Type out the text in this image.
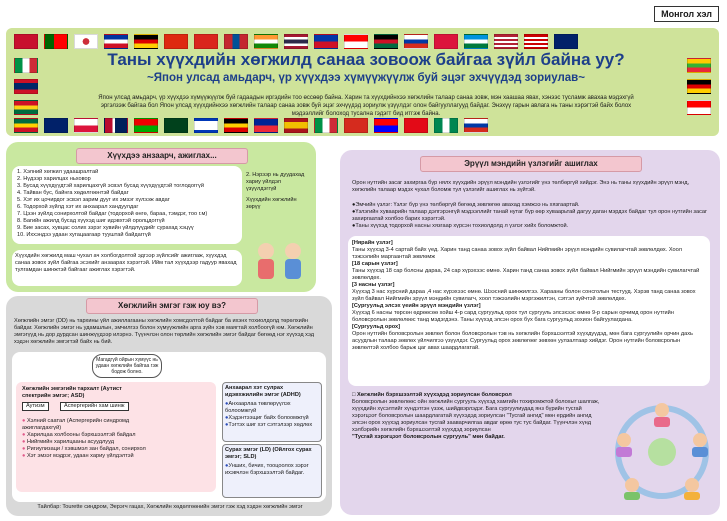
Монгол хэл
Таны хүүхдийн хөгжилд санаа зовоож байгаа зүйл байна уу?
~Япон улсад амьдарч, үр хүүхдээ хүмүүжүүлж буй эцэг эхчүүдэд зориулав~
Япон улсад амьдарч, үр хүүхдээ хүмүүжүүлж буй гадаадын иргэдийн тоо өссөөр байна. Харин та хүүхдийнхээ хөгжлийн талаар санаа зовж, мэн хаашаа явах, хэнээс тусламж авахаа мэдэхгүй эргэлзэж байгаа бол Япон улсад хүүхдийнхээ хөгжлийн талаар санаа зовж буй эцэг эхчүүдэд зориулж үзүүлдэг олон байгууллагууд байдаг. Энэхүү гарын авлага нь таны хэрэгтэй байх болох мэдээллийг болоход тусална гэдэгт бид итгэж байна.
Хүүхдээ анзаарч, ажиглах...
1. Хэлний хөгжил удаашралтай
2. Нүдээр харилцах ньховор
3. Бусад хүүхдүүдтэй харилцахгүй эсвэл бусад хүүхдүүдтэй тоглодоггүй
4. Тайван бус, байнга хөдөлгөөнтэй байдаг
5. Хэт их цочирдог эсвэл зарим дууг их эмзэг хүлээж авдаг
6. Тодорхой зүйлд хэт их анхаарал хандуулдаг
7. Цээн зүйлд сонирхолтой байдаг (тодорхой өнгө, бараа, тэмдэг, тоо г.м)
8. Багийн ажилд бусад хүүхэд шиг идэвхтэй оролцдоггүй
9. Бие засах, хувцас солих зэрэг хувийн үйлдлүүдийг сурахад хэцүү
10. Иххэндээ удаан хугацаагаар тууштай байдаггүй
2. Нэрээр нь дуудахад хариу үйлдэл үзүүлдэггүй
Хүүхдийн хөгжлийн зөрүү
Хүүхдийн хөгжилд маш чухал ач холбогдолтой эдгээр зүйлсийг ажиглаж, хүүхдэд санаа зовох зүйл байгаа эсэхийг анзаарах хэрэгтэй. Ийм тал хүүхдээр гадуур явахад тулгамдан шинжтэй байгааг ажиглах хэрэгтэй.
Хөгжлийн эмгэг гэж юу вэ?
Хөгжлийн эмгэг (DD) нь тархины үйл ажиллагааны хөгжлийн хомсдолтой байдаг ба ихэнх тохиолдолд төрөлхийн байдаг. Хөгжлийн эмгэг нь удамшлын, эмчилгээ болон хүмүүжлийн арга зүйн хэв маягтай холбоогүй юм. Хөгжлийн эмгэгүүд нь дор дурдсан шинжүүдээр илэрнэ. Түүнчлэн олон төрлийн хөгжлийн эмгэг байдаг бөгөөд нэг хүүхэд хэд хэдэн хөгжлийн эмгэгтэй байх нь бий.
Магадгүй ойрын хүмүүс нь удаан хөгжлийн байгаа гэж бодож болно.
Хөгжлийн эмгэгийн тархалт (Аутист спектрийн эмгэг; ASD)
Аутизм	Аспергерийн хам шинж
● Хэлний саатал (Аспергерийн синдромд ажиглагдахгүй)
● Харилцаа холбооны бэрхшээлтэй байдал
● Нийгмийн харилцааны асуудлууд
● Ригиулизаци / хэвшмэл зан байдал, сонирхол
● Хэт эмзэг мэдрэг, удаан хариу үйлдэлтэй
Анхаарал хэт сулрах идэвхжилийн эмгэг (ADHD)
●Анхаарлаа төвлөрүүлэх болоомжгүй
●Хэдэнтээщиг байх болоомжгүй
●Тэгтэх шиг хэт сэтгэлээр хөдлөх
Сурах эмгэг (LD) (Ойлгох сурах эмгэг; SLD)
●Унших, бичих, тооцоолох зэрэг ихэвчлэн бэрхшээлтэй байдаг.
Тайлбар: Tourette синдром, Эерэгч гацах, Хөгжлийн хөдөлгөөнийн эмгэг гэж хэд хэдэн хөгжлийн эмгэг
Эрүүл мэндийн үзлэгийг ашиглах
Орон нутгийн засаг захиргаа бүр нялх хүүхдийн эрүүл мэндийн үзлэгийг үнэ төлбөргүй хийдэг. Энэ нь таны хүүхдийн эрүүл мэнд, хөгжлийн талаар мэдэх чухал боломж тул үзлэгийг ашиглах нь зүйтэй.
●Эмчийн үзлэг: Үзлэг бүр үнэ төлбөргүй бөгөөд зөвлөгөө авахад хэмжээ нь хязгаартай.
●Үзлэгийн хуваарийн талаар дэлгэрэнгүй мэдээллийг танай нутаг бүр өөр хуваарьтай дагуу даган мэрдэх байдаг тул орон нутгийн засаг захиргаатай холбоо барих хэрэгтэй.
●Таны хүүхэд тодорхой насны хязгаар хүрсэн тохиолдолд л үзлэг хийх боломжтой.
[Нярайн үзлэг]
Таны хүүхэд 3-4 сартай байх үед. Харин танд санаа зовох зүйл байвал Нийгмийн эрүүл мэндийн сувилагчтай зөвлөлдөх. Хоол тэжээлийн маргаантай зөвлөмж
[18 сарын үзлэг]
Таны хүүхэд 18 сар болсны дараа, 24 сар хүрэхээс өмнө. Харин танд санаа зовох зүйл байвал Нийгмийн эрүүл мэндийн сувилагчтай зөвлөлдөх.
[3 насны үзлэг]
Хүүхэд 3 нас хүрсний дараа ,4 нас хүрэхээс өмнө. Шээсний шинжилгээ. Харааны болон сонсголын тестууд. Хэрэв танд санаа зовох зүйл байвал Нийгмийн эрүүл мэндийн сувилагч, хоол тэжээлийн мэргэжилтэн, сэтгэл зүйчтэй зөвлөлдөх.
[Сургуульд элсэх үеийн эрүүл мэндийн үзлэг]
Хүүхэд 6 насны төрсөн өдрөөсөө хойш 4-р сард сургуульд орох тул сургууль элсэхээс өмнө 9-р сарын орчимд орон нутгийн боловсролын зөвлөлөөс танд мэдэгдэнэ. Таны хүүхэд элсэн орох бүх бага сургуульд зохион байгуулагдана.
[Сургуульд орох]
Орон нутгийн боловсролын зөвлөл болон боловсролын тэв нь хөгжлийн бэрхшээлтэй хүүхдүүдэд, мөн бага сургуулийн орчин дахь асуудлын талаар зөвлөх үйлчилгээ үзүүлдэг. Сургуульд орох зөвлөгөөг зөвхөн уулзалтаар хийдэг. Орон нутгийн боловсролын зөвлөлтэй холбоо барьж цаг авах шаардлагатай.
□ Хөгжлийн бэрхшээлтэй хүүхэдэд зориулсан боловсрол
Боловсролын зөвлөлөөс ойн хөгжлийн сургууль хүүхэд хамгийн тохиромжтой болохыг шалгаж, хүүхдийн хүсэлтийг хүндэтгэн үзэж, шийдвэрлэдэг. Бага сургуулиудад янз бүрийн тусгай хэрэгцээт боловсролын шаардлагатай хүүхэдэд зориулсан "Тусгай ангид" мөн ердийн ангид элсэн орох хүүхэд зориулсан тусгай зааварчилгаа авдаг өрөө тус тус байдаг. Түүнчлэн хүнд хэлбэрийн хөгжлийн бэрхшээлтэй хүүхдэд зориулсан
"Тусгай хэрэгцээт боловсролын сургууль" мөн байдаг.
